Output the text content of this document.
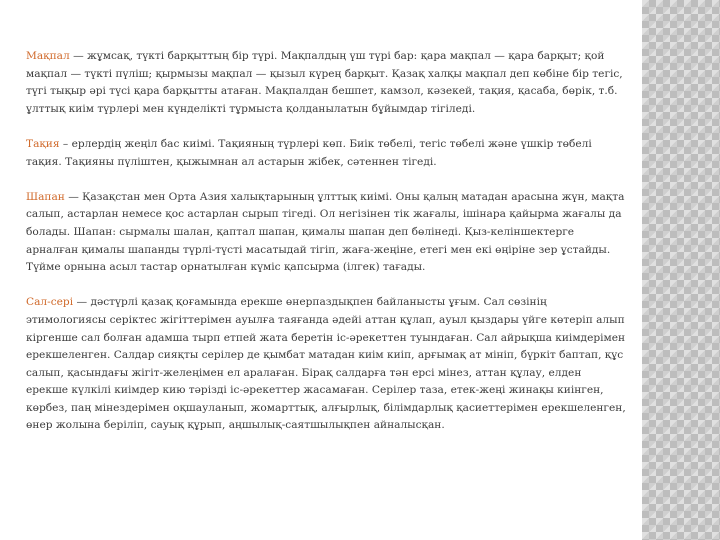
Мақпал — жұмсақ, түкті барқыттың бір түрі. Мақпалдың үш түрі бар: қара мақпал — қара барқыт; қой мақпал — түкті пүліш; қырмызы мақпал — қызыл күрең барқыт. Қазақ халқы мақпал деп көбіне бір тегіс, түгі тықыр әрі түсі қара барқытты атаған. Мақпалдан бешпет, камзол, кәзекей, тақия, қасаба, бөрік, т.б. ұлттық киім түрлері мен күнделікті тұрмыста қолданылатын бұйымдар тігіледі.

Тақия – ерлердің жеңіл бас киімі. Тақияның түрлері көп. Биік төбелі, тегіс төбелі және үшкір төбелі тақия. Тақияны пүлiштен, қыжымнан ал астарын жібек, сәтеннен тігеді.

Шапан — Қазақстан мен Орта Азия халықтарының ұлттық киімі. Оны қалың матадан арасына жүн, мақта салып, астарлан немесе қос астарлан сырып тігеді. Ол негізінен тік жағалы, ішінара қайырма жағалы да болады. Шапан: сырмалы шалан, қаптал шапан, қималы шапан деп бөлінеді. Қыз-келіншектерге арналған қималы шапанды түрлі-түсті масатыдай тігіп, жаға-жеңіне, етегі мен екі өңіріне зер ұстайды. Түйме орнына асыл тастар орнатылған күміс қапсырма (ілгек) тағады.

Сал-сері — дәстүрлі қазақ қоғамында ерекше өнерпаздықпен байланысты ұғым. Сал сөзінің этимологиясы серіктес жігіттерімен ауылға таяғанда әдейі аттан құлап, ауыл қыздары үйге көтеріп алып кіргенше сал болған адамша тырп етпей жата беретін іс-әрекеттен туындаған. Сал айрықша киімдерімен ерекшеленген. Салдар сияқты серілер де қымбат матадан киім киіп, арғымақ ат мініп, бүркіт баптап, құс салып, қасындағы жігіт-желеңімен ел аралаған. Бірақ салдарға тән ерсі мінез, аттан құлау, елден ерекше күлкілі киімдер кию тәрізді іс-әрекеттер жасамаған. Серілер таза, етек-жеңі жинақы киінген, көрбез, паң мінездерімен оқшауланып, жомарттық, алғырлық, білімдарлық қасиеттерімен ерекшеленген, өнер жолына беріліп, сауық құрып, аңшылық-саятшылықпен айналысқан.
